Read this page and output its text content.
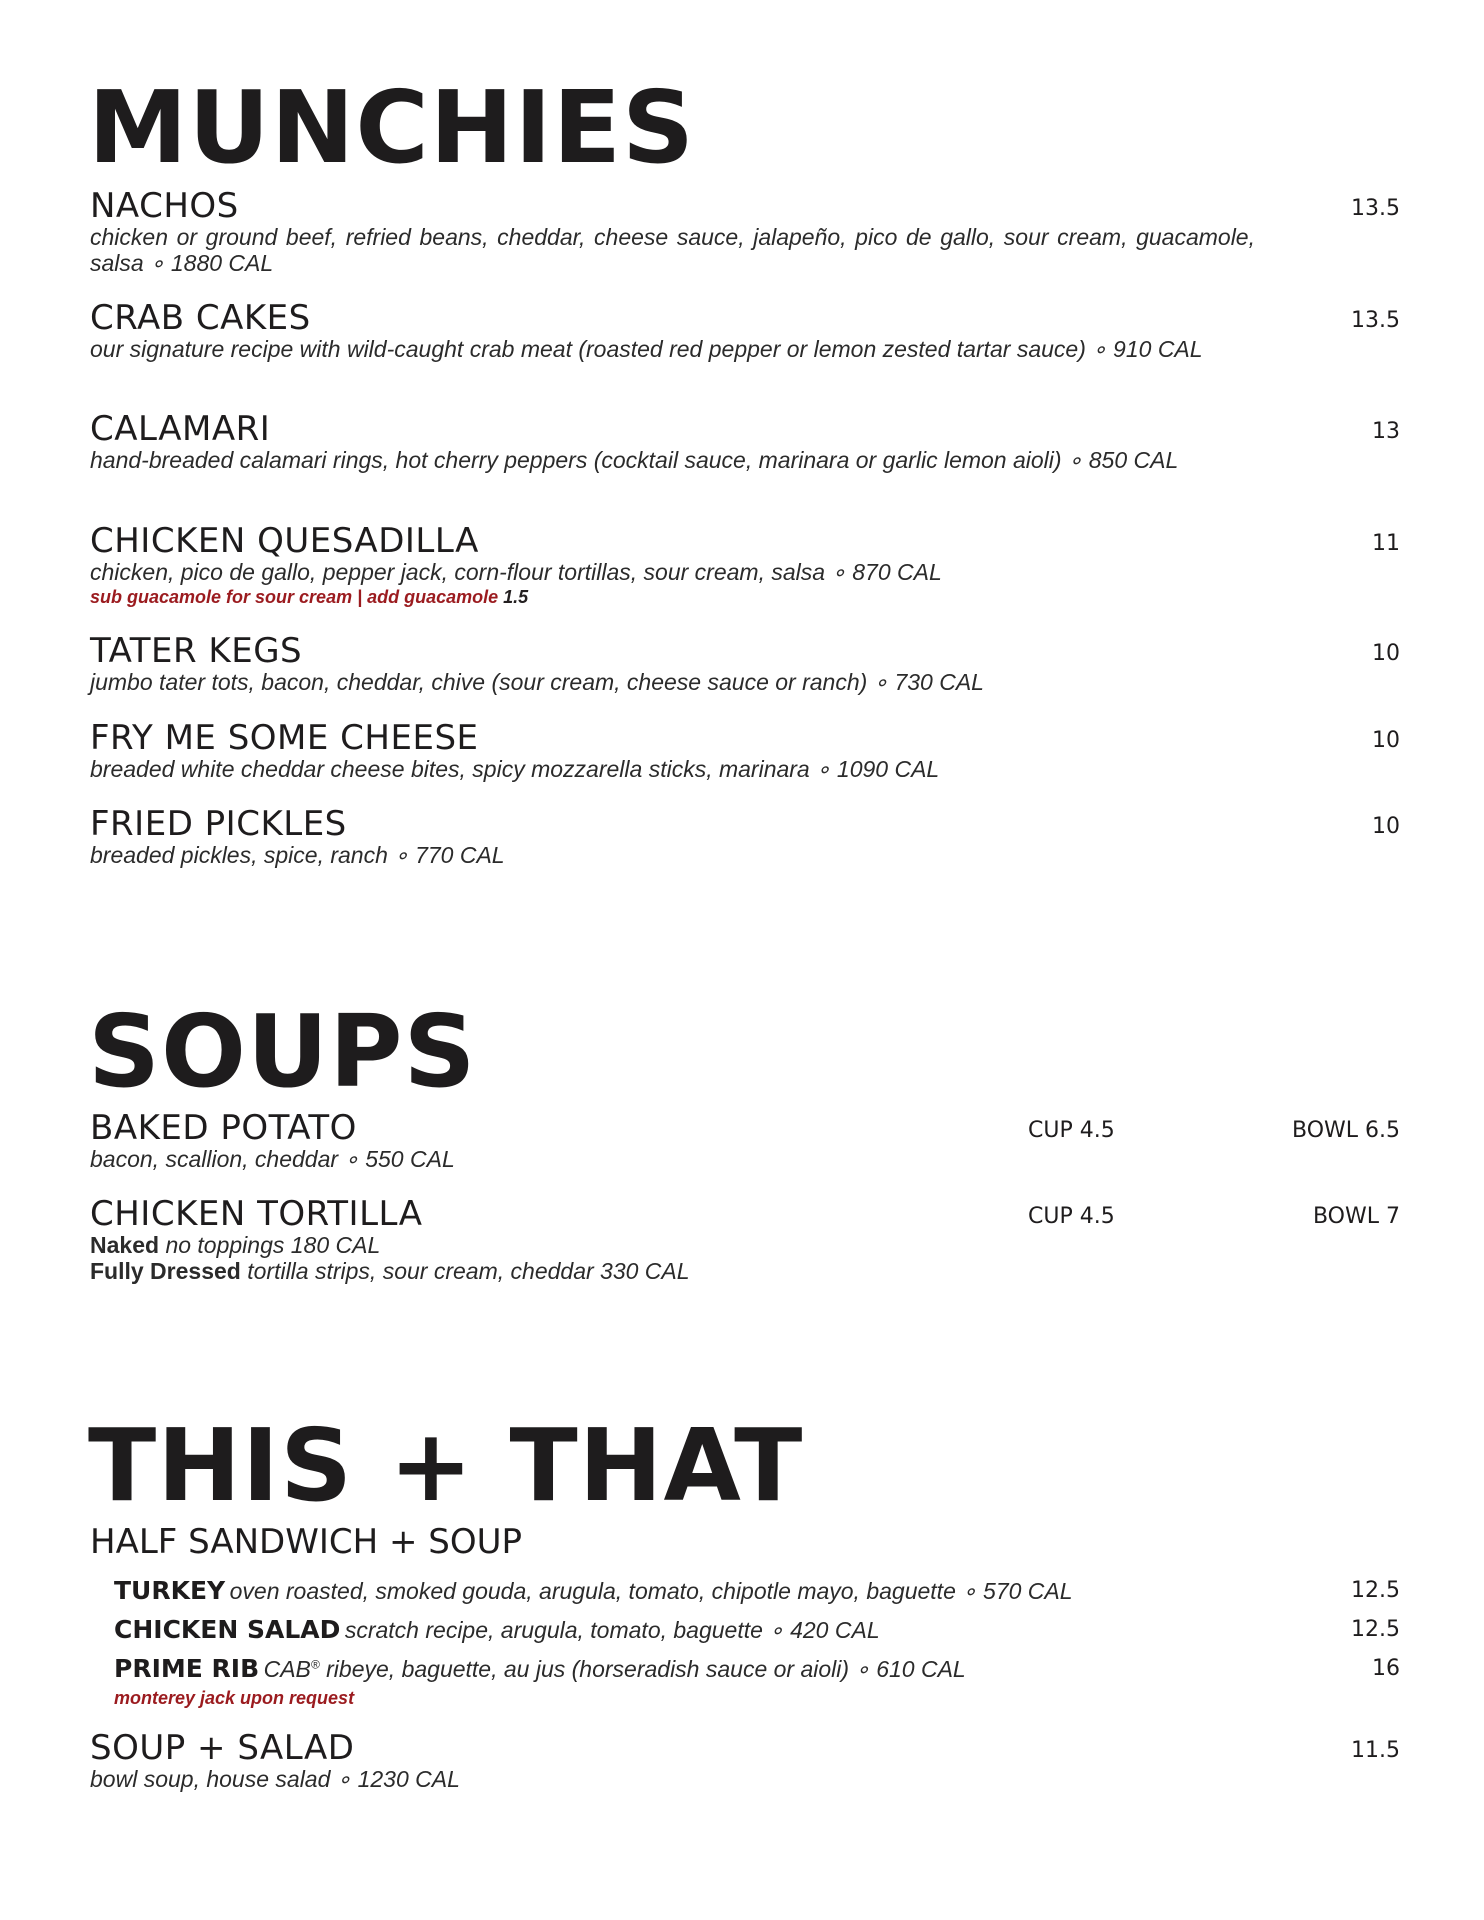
MUNCHIES
NACHOS	13.5
chicken or ground beef, refried beans, cheddar, cheese sauce, jalapeño, pico de gallo, sour cream, guacamole, salsa ∘ 1880 CAL
CRAB CAKES	13.5
our signature recipe with wild-caught crab meat (roasted red pepper or lemon zested tartar sauce) ∘ 910 CAL
CALAMARI	13
hand-breaded calamari rings, hot cherry peppers (cocktail sauce, marinara or garlic lemon aioli) ∘ 850 CAL
CHICKEN QUESADILLA	11
chicken, pico de gallo, pepper jack, corn-flour tortillas, sour cream, salsa ∘ 870 CAL
sub guacamole for sour cream | add guacamole 1.5
TATER KEGS	10
jumbo tater tots, bacon, cheddar, chive (sour cream, cheese sauce or ranch) ∘ 730 CAL
FRY ME SOME CHEESE	10
breaded white cheddar cheese bites, spicy mozzarella sticks, marinara ∘ 1090 CAL
FRIED PICKLES	10
breaded pickles, spice, ranch ∘ 770 CAL
SOUPS
BAKED POTATO	CUP 4.5	BOWL 6.5
bacon, scallion, cheddar ∘ 550 CAL
CHICKEN TORTILLA	CUP 4.5	BOWL 7
Naked no toppings 180 CAL
Fully Dressed tortilla strips, sour cream, cheddar 330 CAL
THIS + THAT
HALF SANDWICH + SOUP
TURKEY oven roasted, smoked gouda, arugula, tomato, chipotle mayo, baguette ∘ 570 CAL	12.5
CHICKEN SALAD scratch recipe, arugula, tomato, baguette ∘ 420 CAL	12.5
PRIME RIB CAB® ribeye, baguette, au jus (horseradish sauce or aioli) ∘ 610 CAL	16
monterey jack upon request
SOUP + SALAD	11.5
bowl soup, house salad ∘ 1230 CAL
